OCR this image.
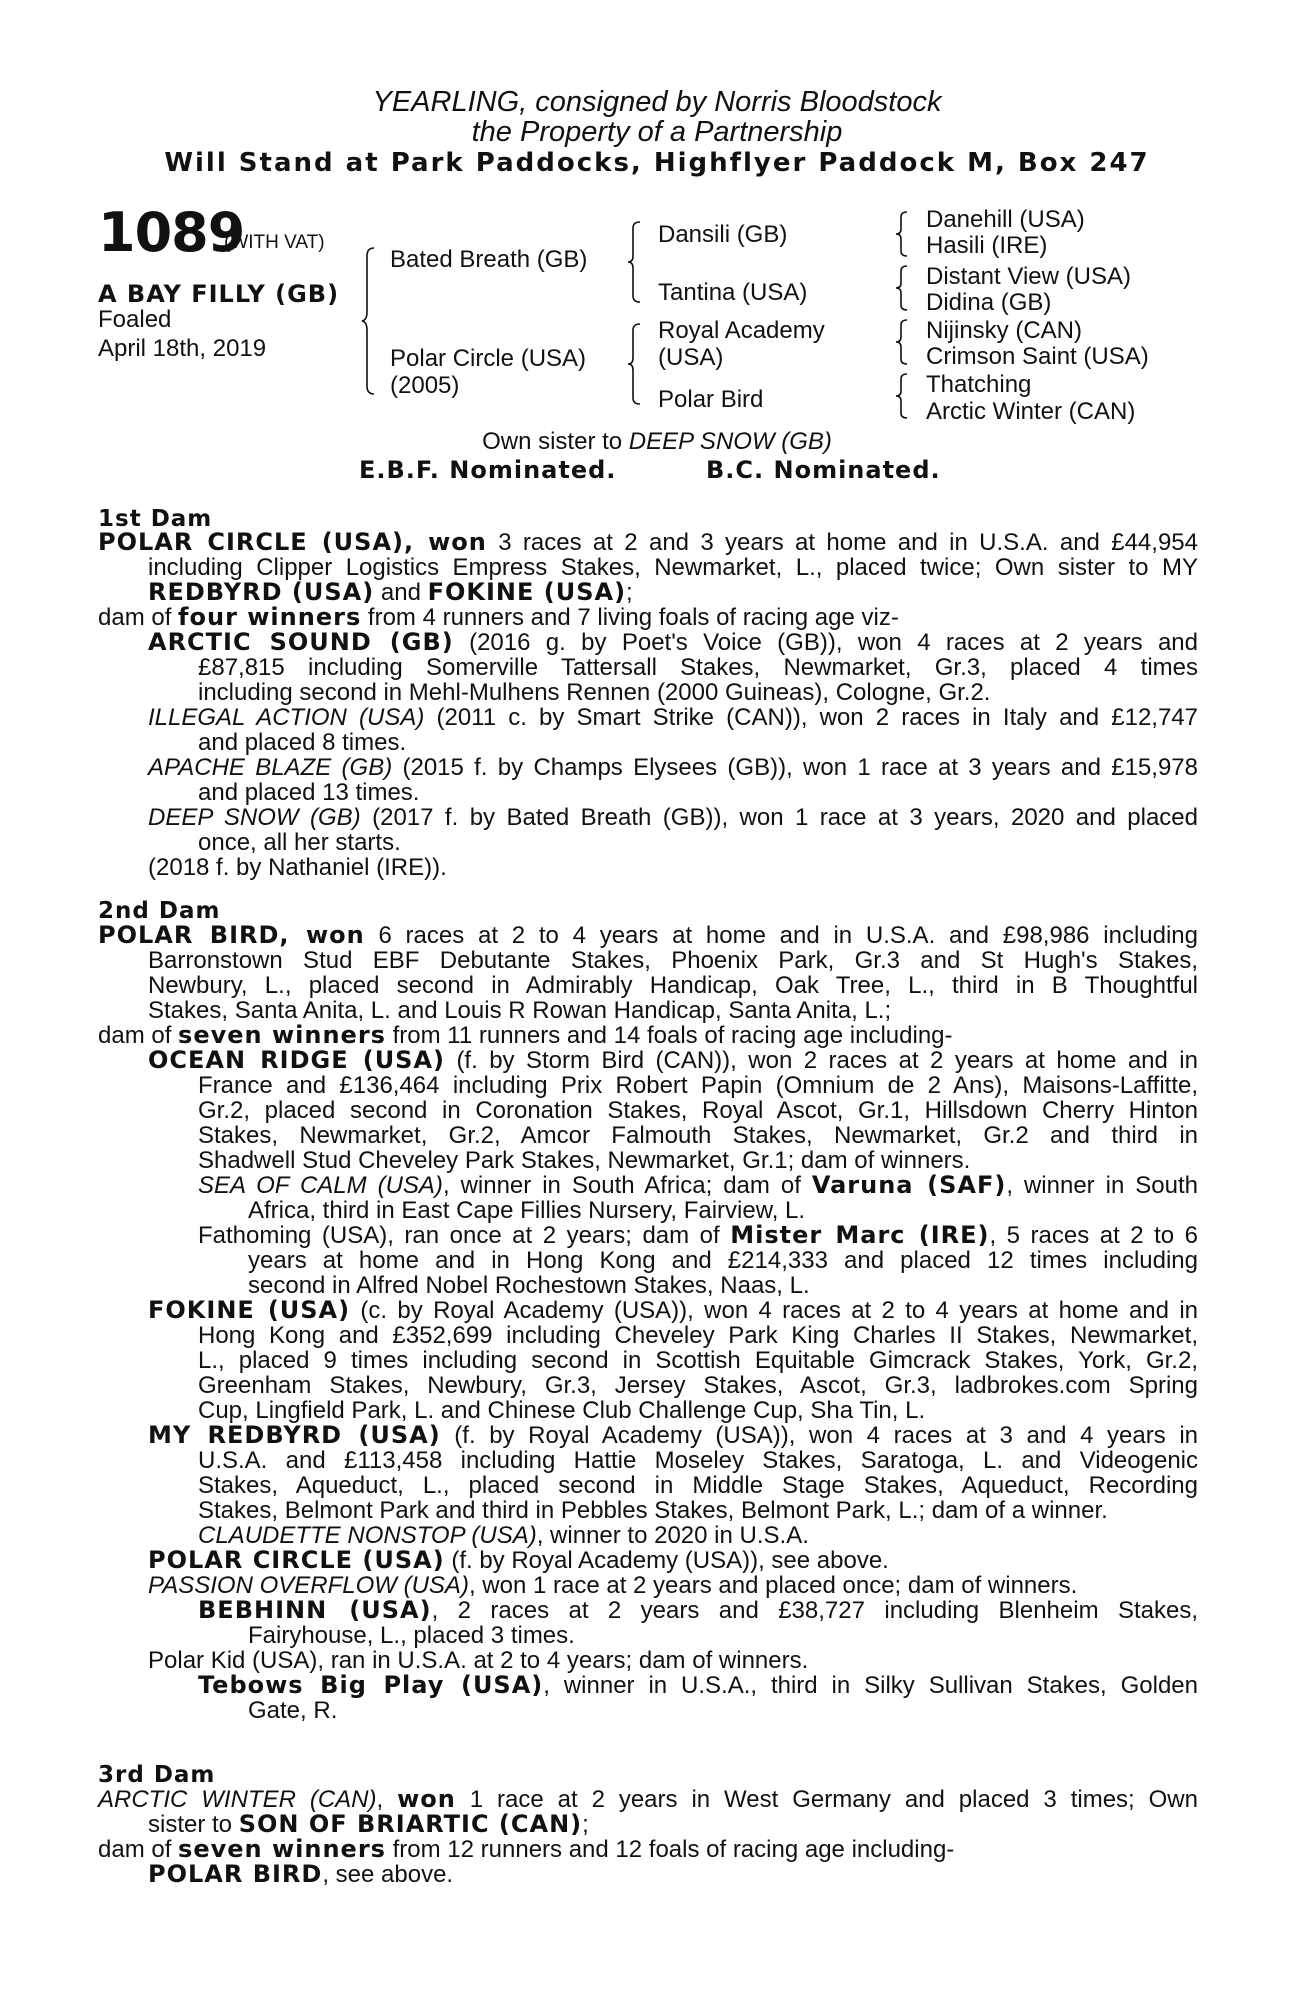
YEARLING, consigned by Norris Bloodstock
the Property of a Partnership
Will Stand at Park Paddocks, Highflyer Paddock M, Box 247
1089
(WITH VAT)
A BAY FILLY (GB)
Foaled
April 18th, 2019
Bated Breath (GB)
Polar Circle (USA)
(2005)
Dansili (GB)
Tantina (USA)
Royal Academy
(USA)
Polar Bird
Danehill (USA)
Hasili (IRE)
Distant View (USA)
Didina (GB)
Nijinsky (CAN)
Crimson Saint (USA)
Thatching
Arctic Winter (CAN)
Own sister to DEEP SNOW (GB)
E.B.F. Nominated.	B.C. Nominated.
1st Dam
POLAR CIRCLE (USA), won 3 races at 2 and 3 years at home and in U.S.A. and £44,954
including Clipper Logistics Empress Stakes, Newmarket, L., placed twice; Own sister to MY
REDBYRD (USA) and FOKINE (USA);
dam of four winners from 4 runners and 7 living foals of racing age viz-
ARCTIC SOUND (GB) (2016 g. by Poet's Voice (GB)), won 4 races at 2 years and
£87,815 including Somerville Tattersall Stakes, Newmarket, Gr.3, placed 4 times
including second in Mehl-Mulhens Rennen (2000 Guineas), Cologne, Gr.2.
ILLEGAL ACTION (USA) (2011 c. by Smart Strike (CAN)), won 2 races in Italy and £12,747
and placed 8 times.
APACHE BLAZE (GB) (2015 f. by Champs Elysees (GB)), won 1 race at 3 years and £15,978
and placed 13 times.
DEEP SNOW (GB) (2017 f. by Bated Breath (GB)), won 1 race at 3 years, 2020 and placed
once, all her starts.
(2018 f. by Nathaniel (IRE)).
2nd Dam
POLAR BIRD, won 6 races at 2 to 4 years at home and in U.S.A. and £98,986 including
Barronstown Stud EBF Debutante Stakes, Phoenix Park, Gr.3 and St Hugh's Stakes,
Newbury, L., placed second in Admirably Handicap, Oak Tree, L., third in B Thoughtful
Stakes, Santa Anita, L. and Louis R Rowan Handicap, Santa Anita, L.;
dam of seven winners from 11 runners and 14 foals of racing age including-
OCEAN RIDGE (USA) (f. by Storm Bird (CAN)), won 2 races at 2 years at home and in
France and £136,464 including Prix Robert Papin (Omnium de 2 Ans), Maisons-Laffitte,
Gr.2, placed second in Coronation Stakes, Royal Ascot, Gr.1, Hillsdown Cherry Hinton
Stakes, Newmarket, Gr.2, Amcor Falmouth Stakes, Newmarket, Gr.2 and third in
Shadwell Stud Cheveley Park Stakes, Newmarket, Gr.1; dam of winners.
SEA OF CALM (USA), winner in South Africa; dam of Varuna (SAF), winner in South
Africa, third in East Cape Fillies Nursery, Fairview, L.
Fathoming (USA), ran once at 2 years; dam of Mister Marc (IRE), 5 races at 2 to 6
years at home and in Hong Kong and £214,333 and placed 12 times including
second in Alfred Nobel Rochestown Stakes, Naas, L.
FOKINE (USA) (c. by Royal Academy (USA)), won 4 races at 2 to 4 years at home and in
Hong Kong and £352,699 including Cheveley Park King Charles II Stakes, Newmarket,
L., placed 9 times including second in Scottish Equitable Gimcrack Stakes, York, Gr.2,
Greenham Stakes, Newbury, Gr.3, Jersey Stakes, Ascot, Gr.3, ladbrokes.com Spring
Cup, Lingfield Park, L. and Chinese Club Challenge Cup, Sha Tin, L.
MY REDBYRD (USA) (f. by Royal Academy (USA)), won 4 races at 3 and 4 years in
U.S.A. and £113,458 including Hattie Moseley Stakes, Saratoga, L. and Videogenic
Stakes, Aqueduct, L., placed second in Middle Stage Stakes, Aqueduct, Recording
Stakes, Belmont Park and third in Pebbles Stakes, Belmont Park, L.; dam of a winner.
CLAUDETTE NONSTOP (USA), winner to 2020 in U.S.A.
POLAR CIRCLE (USA) (f. by Royal Academy (USA)), see above.
PASSION OVERFLOW (USA), won 1 race at 2 years and placed once; dam of winners.
BEBHINN (USA), 2 races at 2 years and £38,727 including Blenheim Stakes,
Fairyhouse, L., placed 3 times.
Polar Kid (USA), ran in U.S.A. at 2 to 4 years; dam of winners.
Tebows Big Play (USA), winner in U.S.A., third in Silky Sullivan Stakes, Golden
Gate, R.
3rd Dam
ARCTIC WINTER (CAN), won 1 race at 2 years in West Germany and placed 3 times; Own
sister to SON OF BRIARTIC (CAN);
dam of seven winners from 12 runners and 12 foals of racing age including-
POLAR BIRD, see above.
